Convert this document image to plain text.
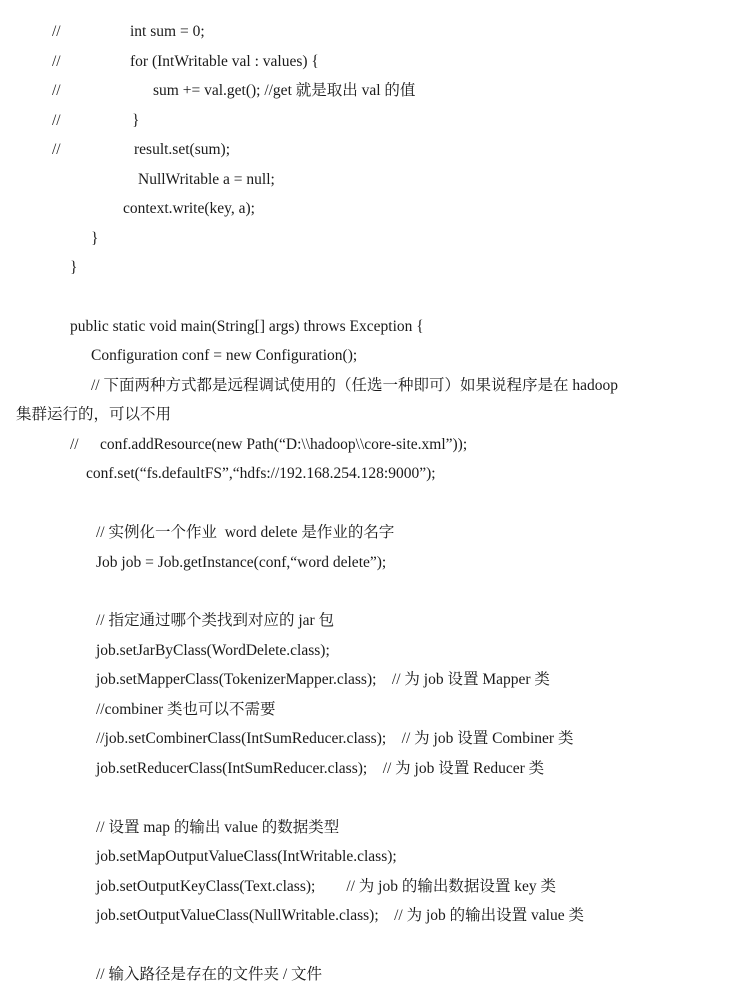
//	int sum = 0;
//	for (IntWritable val : values) {
//	sum += val.get(); //get 就是取出 val 的值
//	}
//	result.set(sum);
NullWritable a = null;
context.write(key, a);
}
}
public static void main(String[] args) throws Exception {
Configuration conf = new Configuration();
// 下面两种方式都是远程调试使用的（任选一种即可）如果说程序是在 hadoop
集群运行的，可以不用
// conf.addResource(new Path(“D:\\hadoop\\core-site.xml”));
conf.set(“fs.defaultFS”,“hdfs://192.168.254.128:9000”);
// 实例化一个作业  word delete 是作业的名字
Job job = Job.getInstance(conf,“word delete”);
// 指定通过哪个类找到对应的 jar 包
job.setJarByClass(WordDelete.class);
job.setMapperClass(TokenizerMapper.class);    // 为 job 设置 Mapper 类
//combiner 类也可以不需要
//job.setCombinerClass(IntSumReducer.class);    // 为 job 设置 Combiner 类
job.setReducerClass(IntSumReducer.class);    // 为 job 设置 Reducer 类
// 设置 map 的输出 value 的数据类型
job.setMapOutputValueClass(IntWritable.class);
job.setOutputKeyClass(Text.class);        // 为 job 的输出数据设置 key 类
job.setOutputValueClass(NullWritable.class);    // 为 job 的输出设置 value 类
// 输入路径是存在的文件夹 / 文件
